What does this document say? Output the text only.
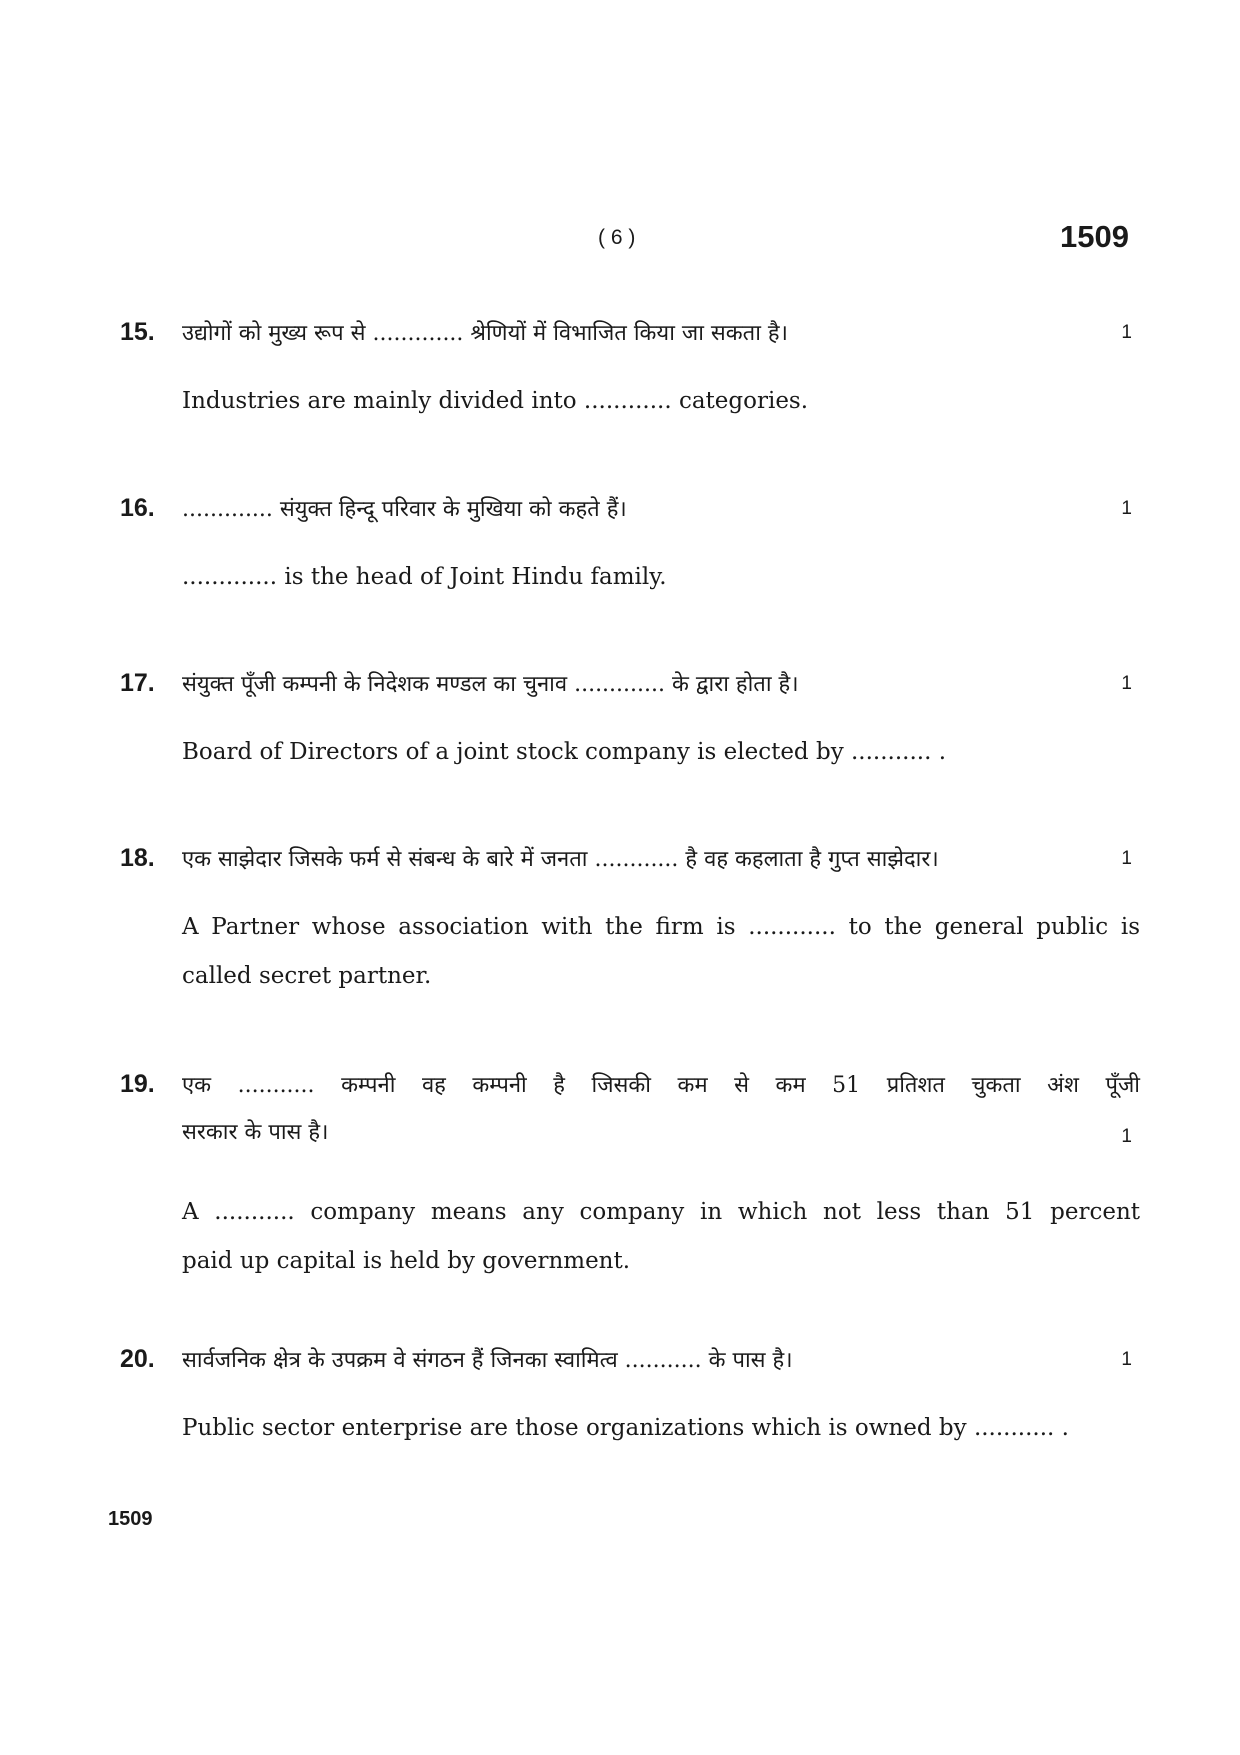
( 6 )	1509
15. उद्योगों को मुख्य रूप से ............. श्रेणियों में विभाजित किया जा सकता है।	1
Industries are mainly divided into ............ categories.
16. ............. संयुक्त हिन्दू परिवार के मुखिया को कहते हैं।	1
............. is the head of Joint Hindu family.
17. संयुक्त पूँजी कम्पनी के निदेशक मण्डल का चुनाव ............. के द्वारा होता है।	1
Board of Directors of a joint stock company is elected by ........... .
18. एक साझेदार जिसके फर्म से संबन्ध के बारे में जनता ............ है वह कहलाता है गुप्त साझेदार।	1
A Partner whose association with the firm is ............ to the general public is
called secret partner.
19. एक ........... कम्पनी वह कम्पनी है जिसकी कम से कम 51 प्रतिशत चुकता अंश पूँजी
सरकार के पास है।	1
A ........... company means any company in which not less than 51 percent
paid up capital is held by government.
20. सार्वजनिक क्षेत्र के उपक्रम वे संगठन हैं जिनका स्वामित्व ........... के पास है।	1
Public sector enterprise are those organizations which is owned by ........... .
1509
